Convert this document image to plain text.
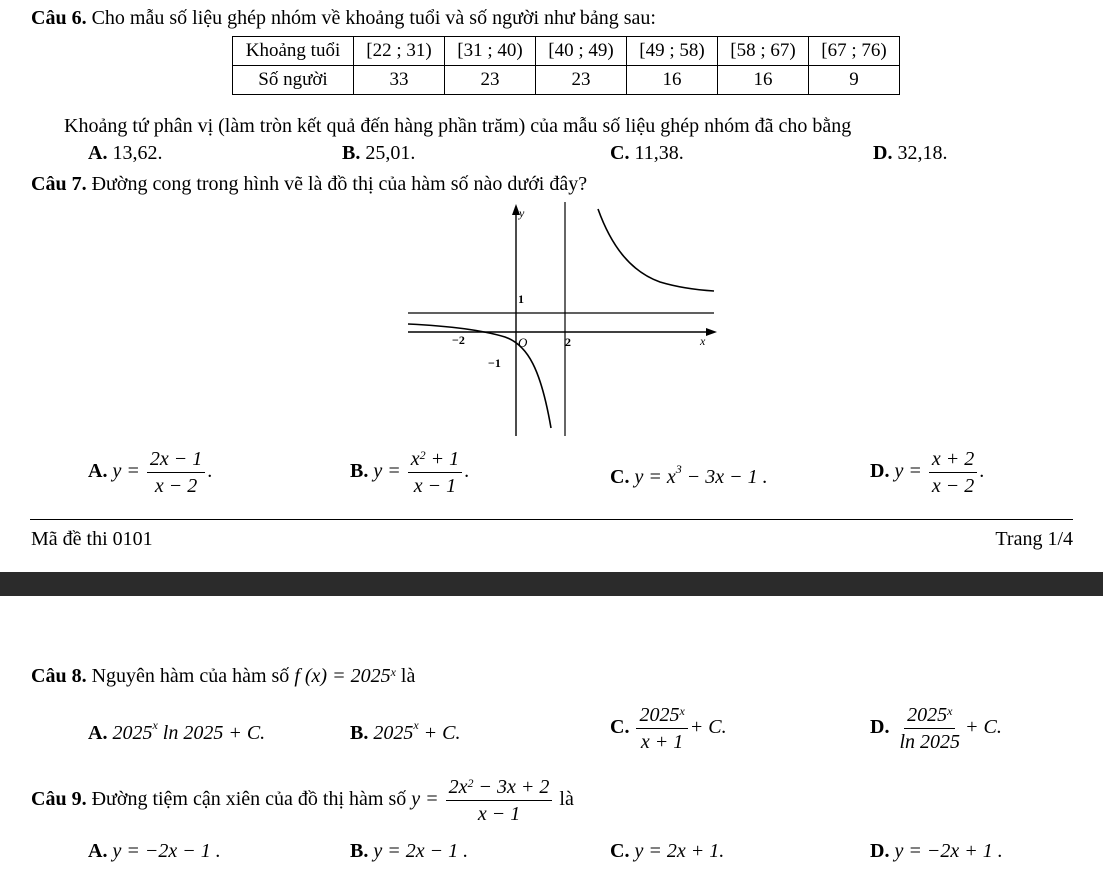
Câu 6. Cho mẫu số liệu ghép nhóm về khoảng tuổi và số người như bảng sau:
Khoảng tuổi	[22 ; 31)	[31 ; 40)	[40 ; 49)	[49 ; 58)	[58 ; 67)	[67 ; 76)
Số người	33	23	23	16	16	9
Khoảng tứ phân vị (làm tròn kết quả đến hàng phần trăm) của mẫu số liệu ghép nhóm đã cho bằng
A. 13,62.	B. 25,01.	C. 11,38.	D. 32,18.
Câu 7. Đường cong trong hình vẽ là đồ thị của hàm số nào dưới đây?
y
x
O
1
−2	2
−1
A. $y = \frac{2x - 1}{x - 2}$ .	B. $y = \frac{x^2 + 1}{x - 1}$ .	C. $y = x^3 - 3x - 1$ .	D. $y = \frac{x + 2}{x - 2}$ .
Mã đề thi 0101	Trang 1/4
Câu 8. Nguyên hàm của hàm số f $(x) = 2025^x$ là
A. 2025$^x$ ln 2025 + C.	B. $2025^x + C$.	C. $\frac{2025^x}{x + 1} + C$.	D. $\frac{2025^x}{\ln 2025} + C$.
Câu 9. Đường tiệm cận xiên của đồ thị hàm số $y = \frac{2x^2 - 3x + 2}{x - 1}$ là
A. y = −2x − 1 .	B. y = 2x − 1 .	C. y = 2x + 1.	D. y = −2x + 1 .
